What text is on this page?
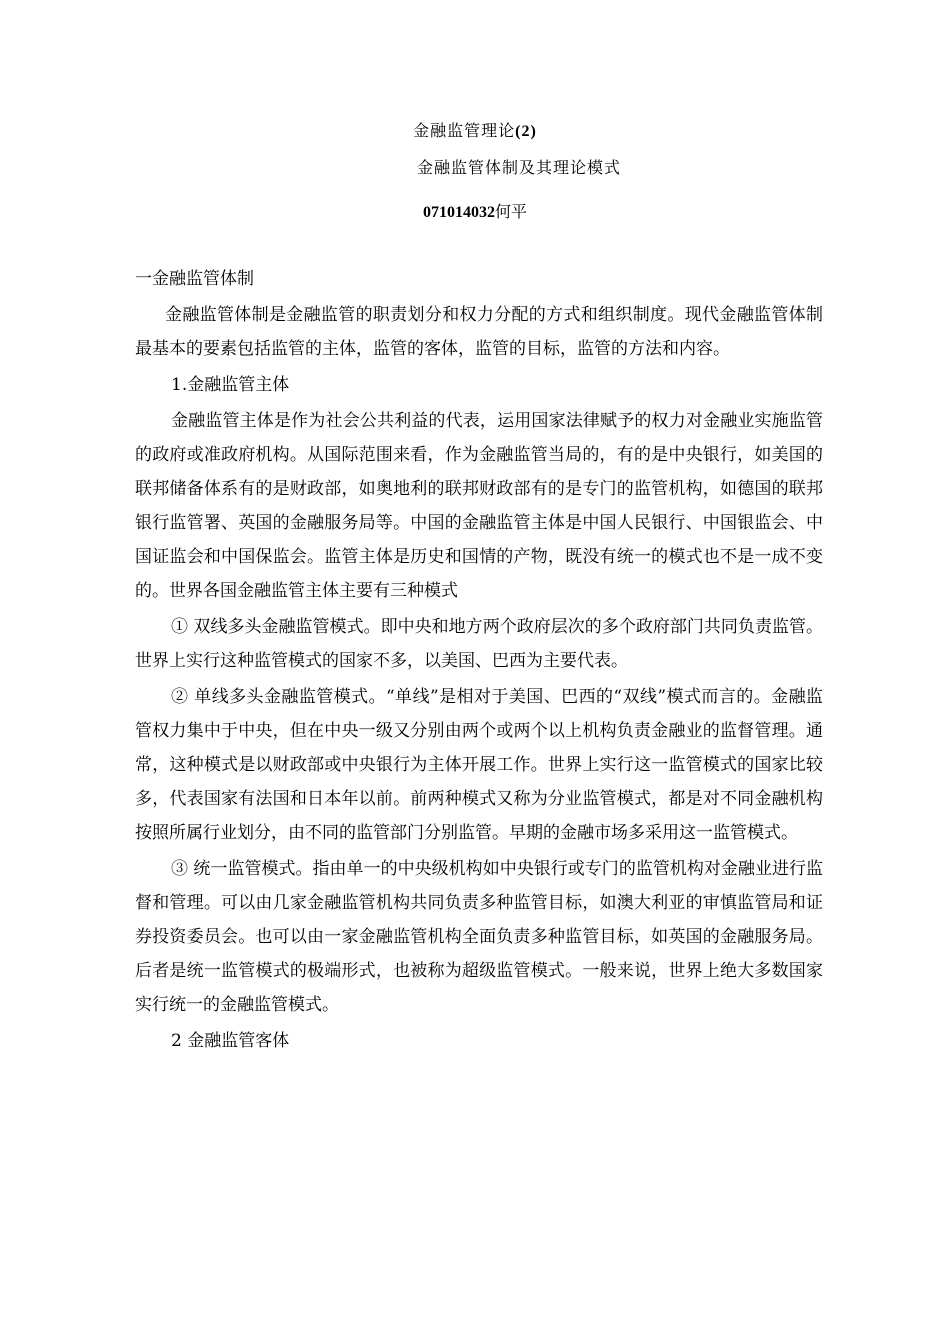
金融监管理论(2)
金融监管体制及其理论模式
071014032何平

一金融监管体制

金融监管体制是金融监管的职责划分和权力分配的方式和组织制度。现代金融监管体制最基本的要素包括监管的主体，监管的客体，监管的目标，监管的方法和内容。

1.金融监管主体

金融监管主体是作为社会公共利益的代表，运用国家法律赋予的权力对金融业实施监管的政府或准政府机构。从国际范围来看，作为金融监管当局的，有的是中央银行，如美国的联邦储备体系有的是财政部，如奥地利的联邦财政部有的是专门的监管机构，如德国的联邦银行监管署、英国的金融服务局等。中国的金融监管主体是中国人民银行、中国银监会、中国证监会和中国保监会。监管主体是历史和国情的产物，既没有统一的模式也不是一成不变的。世界各国金融监管主体主要有三种模式

① 双线多头金融监管模式。即中央和地方两个政府层次的多个政府部门共同负责监管。世界上实行这种监管模式的国家不多，以美国、巴西为主要代表。

② 单线多头金融监管模式。“单线”是相对于美国、巴西的“双线”模式而言的。金融监管权力集中于中央，但在中央一级又分别由两个或两个以上机构负责金融业的监督管理。通常，这种模式是以财政部或中央银行为主体开展工作。世界上实行这一监管模式的国家比较多，代表国家有法国和日本年以前。前两种模式又称为分业监管模式，都是对不同金融机构按照所属行业划分，由不同的监管部门分别监管。早期的金融市场多采用这一监管模式。

③ 统一监管模式。指由单一的中央级机构如中央银行或专门的监管机构对金融业进行监督和管理。可以由几家金融监管机构共同负责多种监管目标，如澳大利亚的审慎监管局和证券投资委员会。也可以由一家金融监管机构全面负责多种监管目标，如英国的金融服务局。后者是统一监管模式的极端形式，也被称为超级监管模式。一般来说，世界上绝大多数国家实行统一的金融监管模式。

2 金融监管客体
